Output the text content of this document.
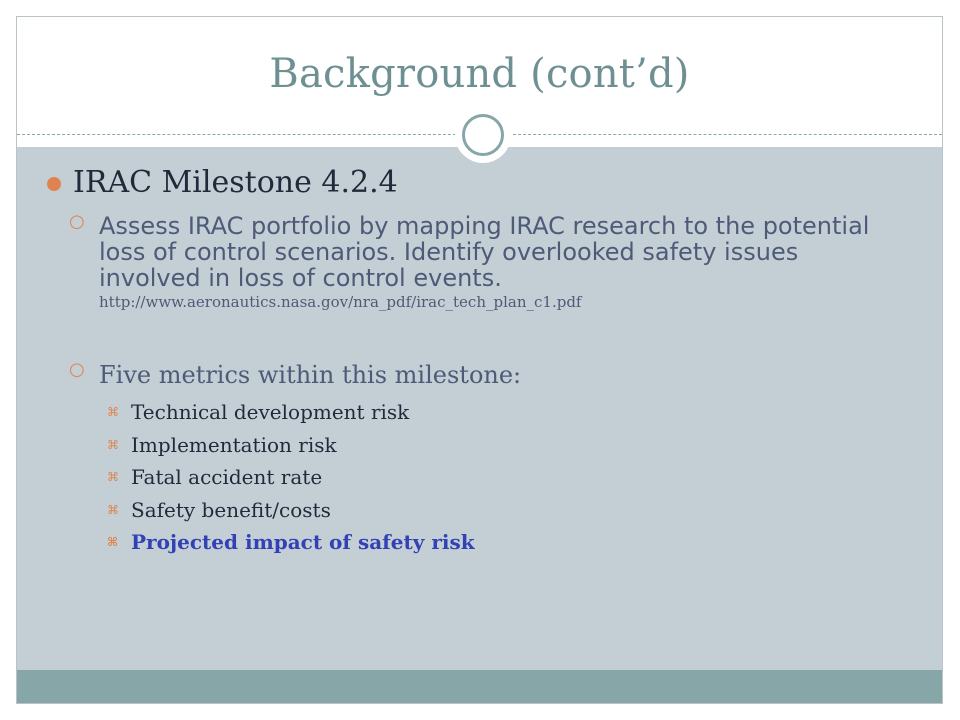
Background (cont’d)
IRAC Milestone 4.2.4
○ Assess IRAC portfolio by mapping IRAC research to the potential loss of control scenarios. Identify overlooked safety issues involved in loss of control events.
http://www.aeronautics.nasa.gov/nra_pdf/irac_tech_plan_c1.pdf
○ Five metrics within this milestone:
⌘ Technical development risk
⌘ Implementation risk
⌘ Fatal accident rate
⌘ Safety benefit/costs
⌘ Projected impact of safety risk
